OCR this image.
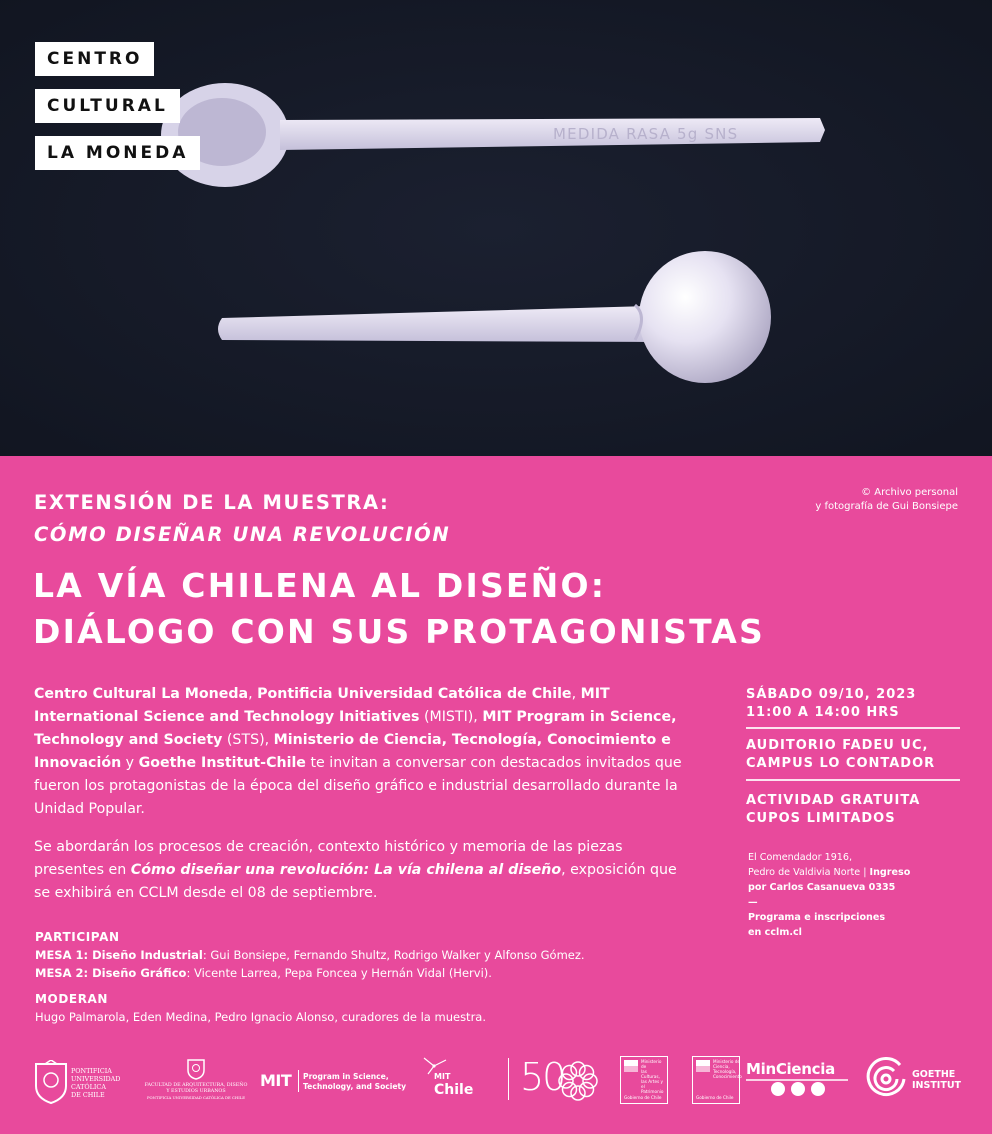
MEDIDA RASA 5g SNS
CENTRO
CULTURAL
LA MONEDA
EXTENSIÓN DE LA MUESTRA:
CÓMO DISEÑAR UNA REVOLUCIÓN
© Archivo personal
y fotografía de Gui Bonsiepe
LA VÍA CHILENA AL DISEÑO:
DIÁLOGO CON SUS PROTAGONISTAS

Centro Cultural La Moneda, Pontificia Universidad Católica de Chile, MIT International Science and Technology Initiatives (MISTI), MIT Program in Science, Technology and Society (STS), Ministerio de Ciencia, Tecnología, Conocimiento e Innovación y Goethe Institut-Chile te invitan a conversar con destacados invitados que fueron los protagonistas de la época del diseño gráfico e industrial desarrollado durante la Unidad Popular.

Se abordarán los procesos de creación, contexto histórico y memoria de las piezas presentes en Cómo diseñar una revolución: La vía chilena al diseño, exposición que se exhibirá en CCLM desde el 08 de septiembre.

PARTICIPAN
MESA 1: Diseño Industrial: Gui Bonsiepe, Fernando Shultz, Rodrigo Walker y Alfonso Gómez.
MESA 2: Diseño Gráfico: Vicente Larrea, Pepa Foncea y Hernán Vidal (Hervi).
MODERAN
Hugo Palmarola, Eden Medina, Pedro Ignacio Alonso, curadores de la muestra.
SÁBADO 09/10, 2023
11:00 A 14:00 HRS
AUDITORIO FADEU UC,
CAMPUS LO CONTADOR
ACTIVIDAD GRATUITA
CUPOS LIMITADOS
El Comendador 1916,
Pedro de Valdivia Norte | Ingreso
por Carlos Casanueva 0335
—
Programa e inscripciones
en cclm.cl
PONTIFICIA
UNIVERSIDAD
CATÓLICA
DE CHILE
FACULTAD DE ARQUITECTURA, DISEÑO
Y ESTUDIOS URBANOS
PONTIFICIA UNIVERSIDAD CATÓLICA DE CHILE
MIT Program in Science,
Technology, and Society
MIT
Chile 50	Ministerio de
las Culturas,
las Artes y
el Patrimonio
Gobierno de Chile
Ministerio de
Ciencia,
Tecnología,
Conocimiento
Gobierno de Chile
MinCiencia	GOETHE
INSTITUT
